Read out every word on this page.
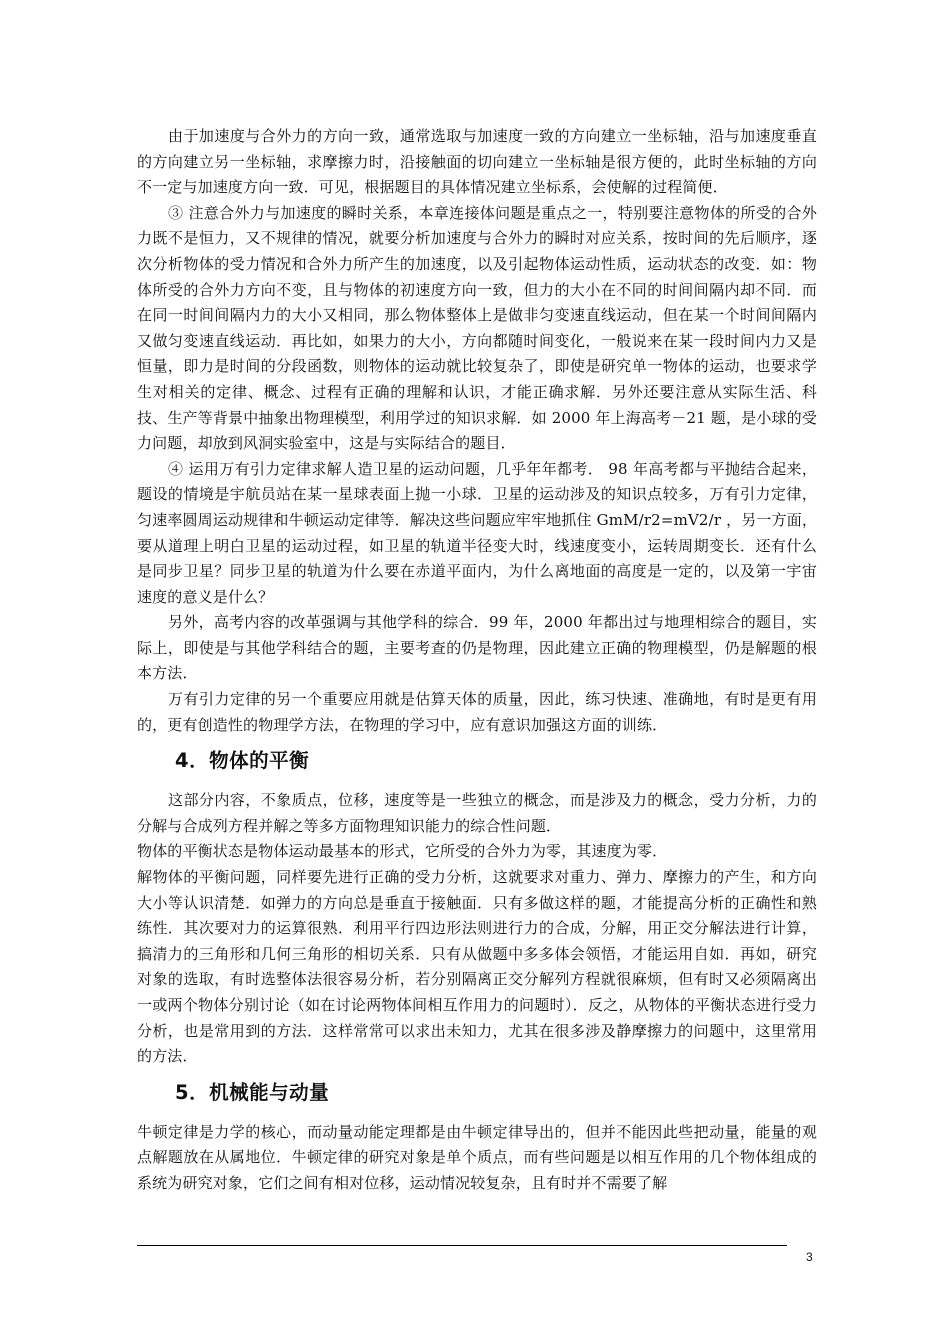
由于加速度与合外力的方向一致，通常选取与加速度一致的方向建立一坐标轴，沿与加速度垂直的方向建立另一坐标轴，求摩擦力时，沿接触面的切向建立一坐标轴是很方便的，此时坐标轴的方向不一定与加速度方向一致．可见，根据题目的具体情况建立坐标系，会使解的过程简便．

③ 注意合外力与加速度的瞬时关系，本章连接体问题是重点之一，特别要注意物体的所受的合外力既不是恒力，又不规律的情况，就要分析加速度与合外力的瞬时对应关系，按时间的先后顺序，逐次分析物体的受力情况和合外力所产生的加速度，以及引起物体运动性质，运动状态的改变．如：物体所受的合外力方向不变，且与物体的初速度方向一致，但力的大小在不同的时间间隔内却不同．而在同一时间间隔内力的大小又相同，那么物体整体上是做非匀变速直线运动，但在某一个时间间隔内又做匀变速直线运动．再比如，如果力的大小，方向都随时间变化，一般说来在某一段时间内力又是恒量，即力是时间的分段函数，则物体的运动就比较复杂了，即使是研究单一物体的运动，也要求学生对相关的定律、概念、过程有正确的理解和认识，才能正确求解．另外还要注意从实际生活、科技、生产等背景中抽象出物理模型，利用学过的知识求解．如 2000 年上海高考－21 题，是小球的受力问题，却放到风洞实验室中，这是与实际结合的题目．

④ 运用万有引力定律求解人造卫星的运动问题，几乎年年都考． 98 年高考都与平抛结合起来，题设的情境是宇航员站在某一星球表面上抛一小球．卫星的运动涉及的知识点较多，万有引力定律，匀速率圆周运动规律和牛顿运动定律等．解决这些问题应牢牢地抓住 GmM/r2=mV2/r ，另一方面，要从道理上明白卫星的运动过程，如卫星的轨道半径变大时，线速度变小，运转周期变长．还有什么是同步卫星？同步卫星的轨道为什么要在赤道平面内，为什么离地面的高度是一定的，以及第一宇宙速度的意义是什么？

另外，高考内容的改革强调与其他学科的综合．99 年，2000 年都出过与地理相综合的题目，实际上，即使是与其他学科结合的题，主要考查的仍是物理，因此建立正确的物理模型，仍是解题的根本方法．

万有引力定律的另一个重要应用就是估算天体的质量，因此，练习快速、准确地，有时是更有用的，更有创造性的物理学方法，在物理的学习中，应有意识加强这方面的训练．

4．物体的平衡

这部分内容，不象质点，位移，速度等是一些独立的概念，而是涉及力的概念，受力分析，力的分解与合成列方程并解之等多方面物理知识能力的综合性问题．

物体的平衡状态是物体运动最基本的形式，它所受的合外力为零，其速度为零．

解物体的平衡问题，同样要先进行正确的受力分析，这就要求对重力、弹力、摩擦力的产生，和方向大小等认识清楚．如弹力的方向总是垂直于接触面．只有多做这样的题，才能提高分析的正确性和熟练性．其次要对力的运算很熟．利用平行四边形法则进行力的合成，分解，用正交分解法进行计算，搞清力的三角形和几何三角形的相切关系．只有从做题中多多体会领悟，才能运用自如．再如，研究对象的选取，有时选整体法很容易分析，若分别隔离正交分解列方程就很麻烦，但有时又必须隔离出一或两个物体分别讨论（如在讨论两物体间相互作用力的问题时）．反之，从物体的平衡状态进行受力分析，也是常用到的方法．这样常常可以求出未知力，尤其在很多涉及静摩擦力的问题中，这里常用的方法．

5．机械能与动量

牛顿定律是力学的核心，而动量动能定理都是由牛顿定律导出的，但并不能因此些把动量，能量的观点解题放在从属地位．牛顿定律的研究对象是单个质点，而有些问题是以相互作用的几个物体组成的系统为研究对象，它们之间有相对位移，运动情况较复杂，且有时并不需要了解

3
